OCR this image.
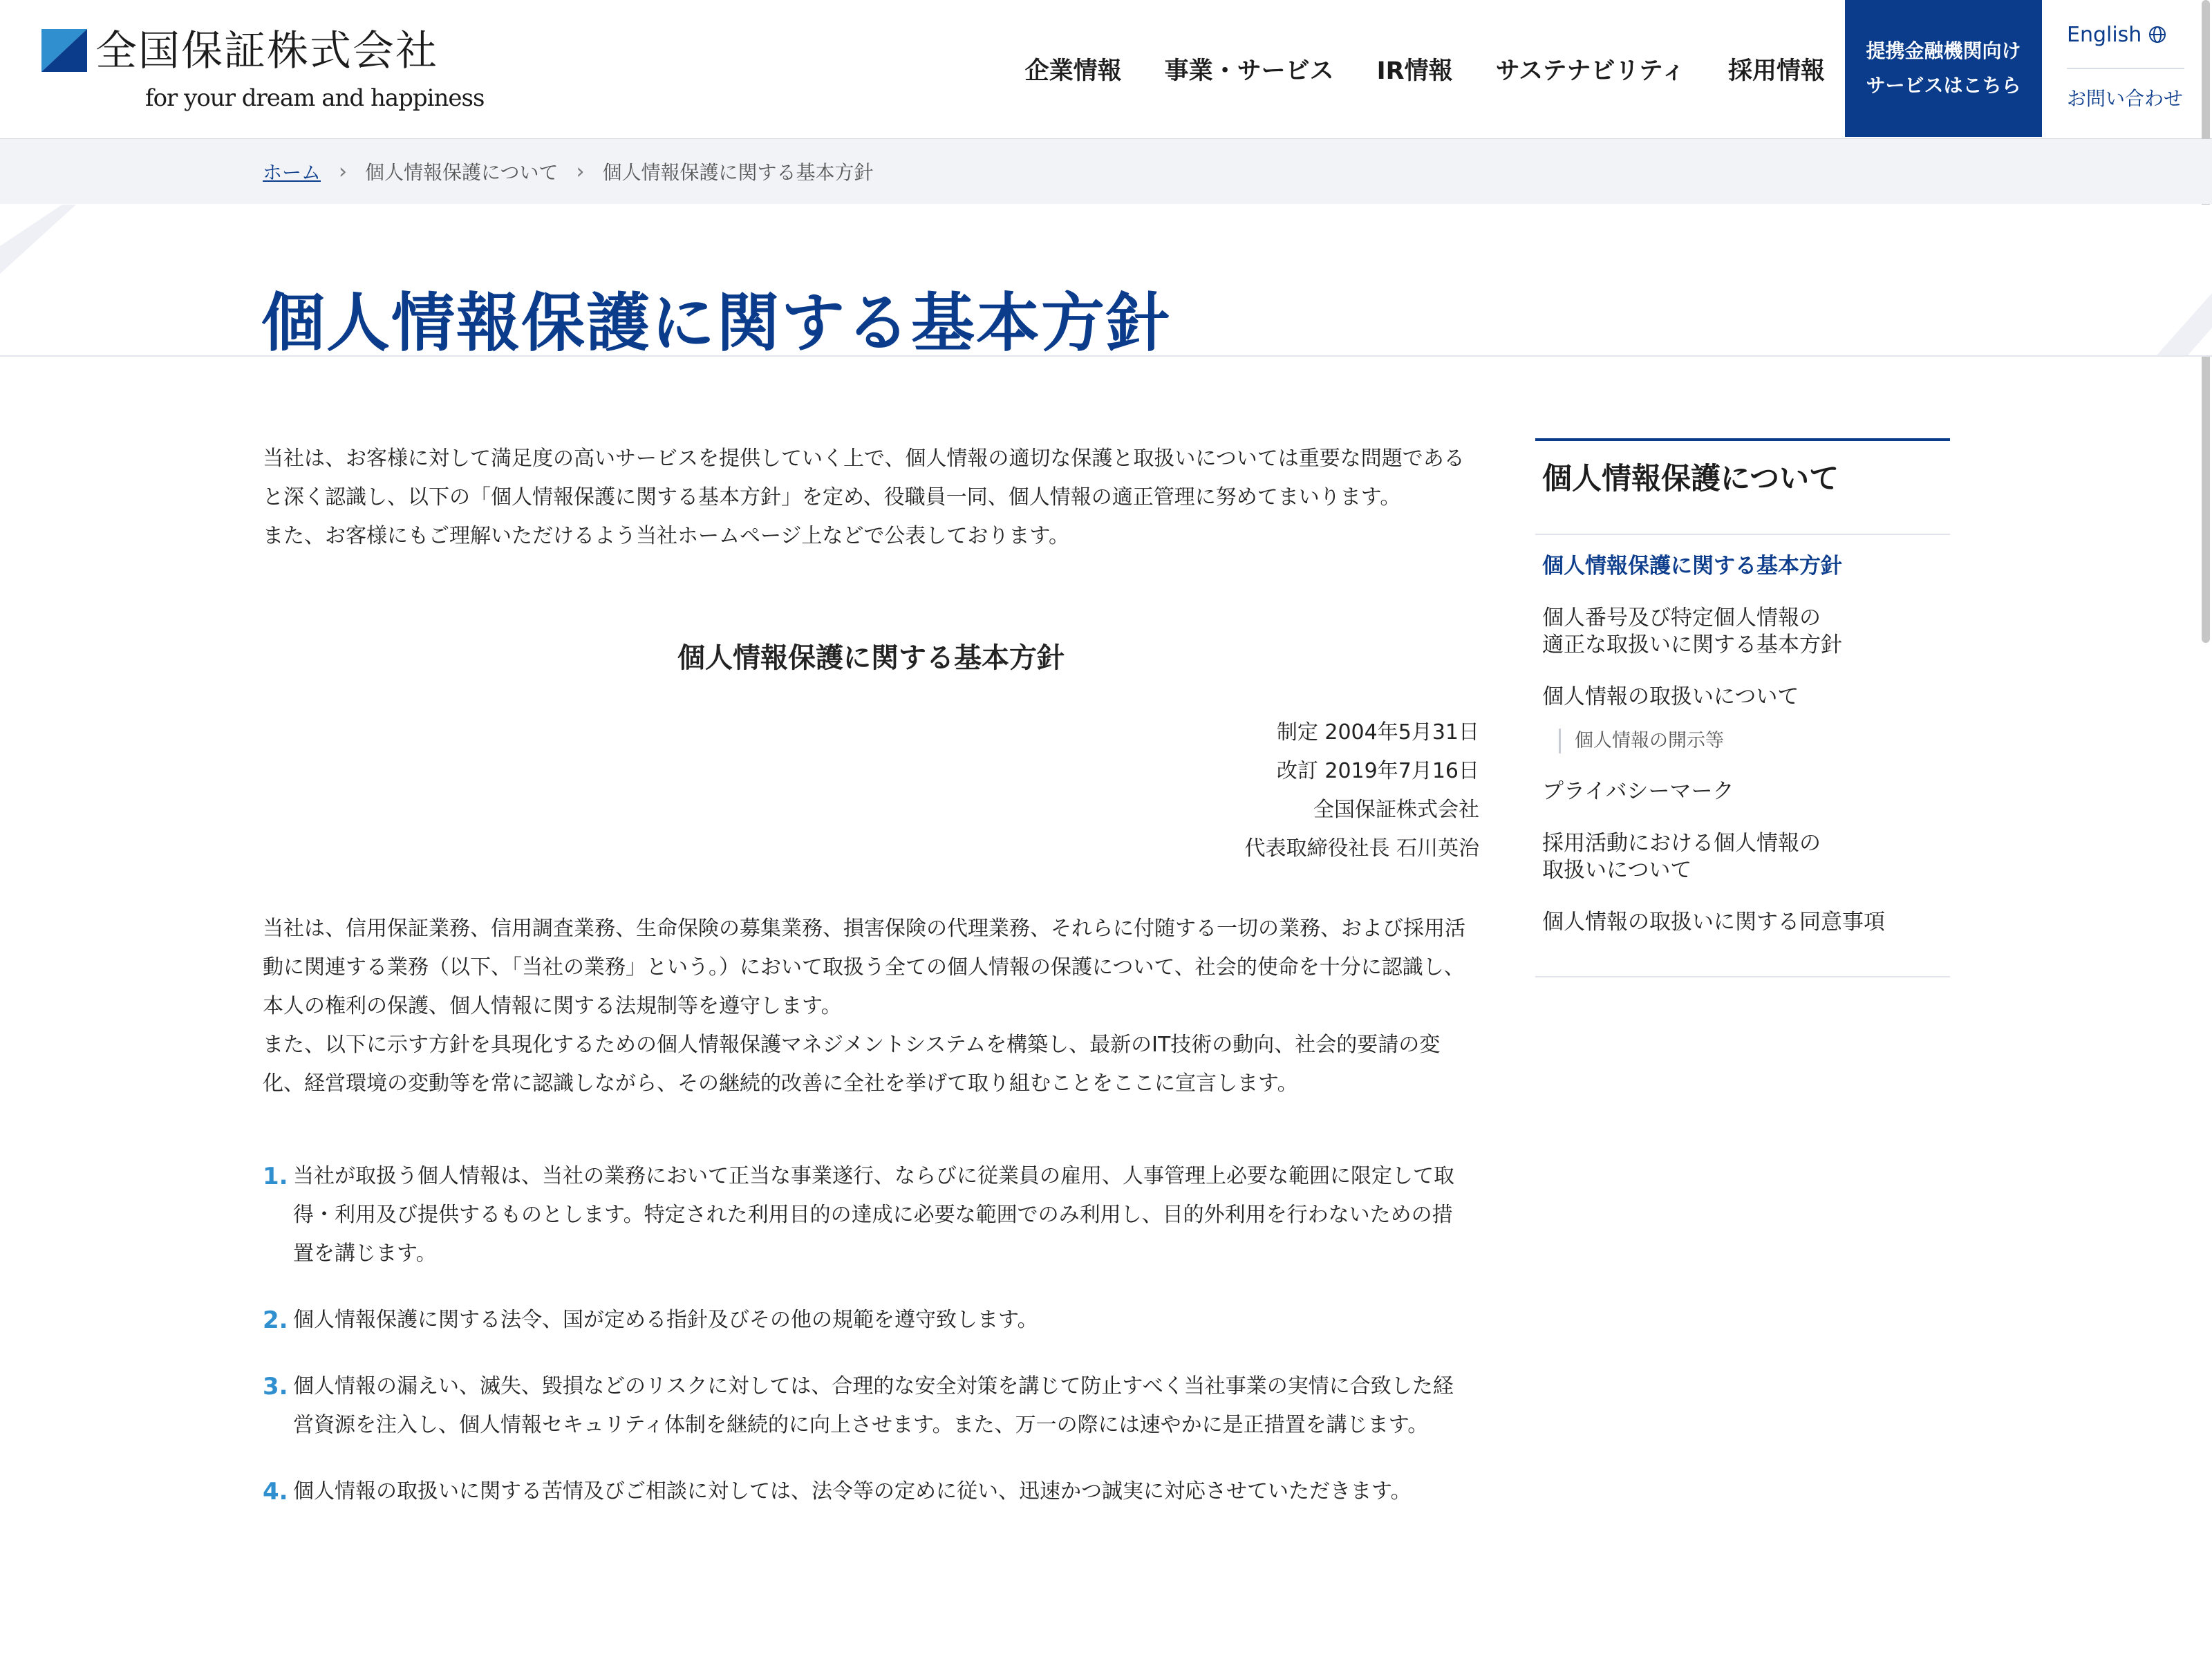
全国保証株式会社
for your dream and happiness
企業情報 事業・サービス IR情報 サステナビリティ 採用情報
提携金融機関向け
サービスはこちら
English
お問い合わせ
ホーム › 個人情報保護について › 個人情報保護に関する基本方針
個人情報保護に関する基本方針

当社は、お客様に対して満足度の高いサービスを提供していく上で、個人情報の適切な保護と取扱いについては重要な問題であると深く認識し、以下の「個人情報保護に関する基本方針」を定め、役職員一同、個人情報の適正管理に努めてまいります。

また、お客様にもご理解いただけるよう当社ホームページ上などで公表しております。

個人情報保護に関する基本方針
制定 2004年5月31日
改訂 2019年7月16日
全国保証株式会社
代表取締役社長 石川英治

当社は、信用保証業務、信用調査業務、生命保険の募集業務、損害保険の代理業務、それらに付随する一切の業務、および採用活動に関連する業務（以下、「当社の業務」という。）において取扱う全ての個人情報の保護について、社会的使命を十分に認識し、本人の権利の保護、個人情報に関する法規制等を遵守します。

また、以下に示す方針を具現化するための個人情報保護マネジメントシステムを構築し、最新のIT技術の動向、社会的要請の変化、経営環境の変動等を常に認識しながら、その継続的改善に全社を挙げて取り組むことをここに宣言します。

1. 当社が取扱う個人情報は、当社の業務において正当な事業遂行、ならびに従業員の雇用、人事管理上必要な範囲に限定して取得・利用及び提供するものとします。特定された利用目的の達成に必要な範囲でのみ利用し、目的外利用を行わないための措置を講じます。
2. 個人情報保護に関する法令、国が定める指針及びその他の規範を遵守致します。
3. 個人情報の漏えい、滅失、毀損などのリスクに対しては、合理的な安全対策を講じて防止すべく当社事業の実情に合致した経営資源を注入し、個人情報セキュリティ体制を継続的に向上させます。また、万一の際には速やかに是正措置を講じます。
4. 個人情報の取扱いに関する苦情及びご相談に対しては、法令等の定めに従い、迅速かつ誠実に対応させていただきます。
個人情報保護について
個人情報保護に関する基本方針
個人番号及び特定個人情報の
適正な取扱いに関する基本方針
個人情報の取扱いについて
個人情報の開示等
プライバシーマーク
採用活動における個人情報の
取扱いについて
個人情報の取扱いに関する同意事項
